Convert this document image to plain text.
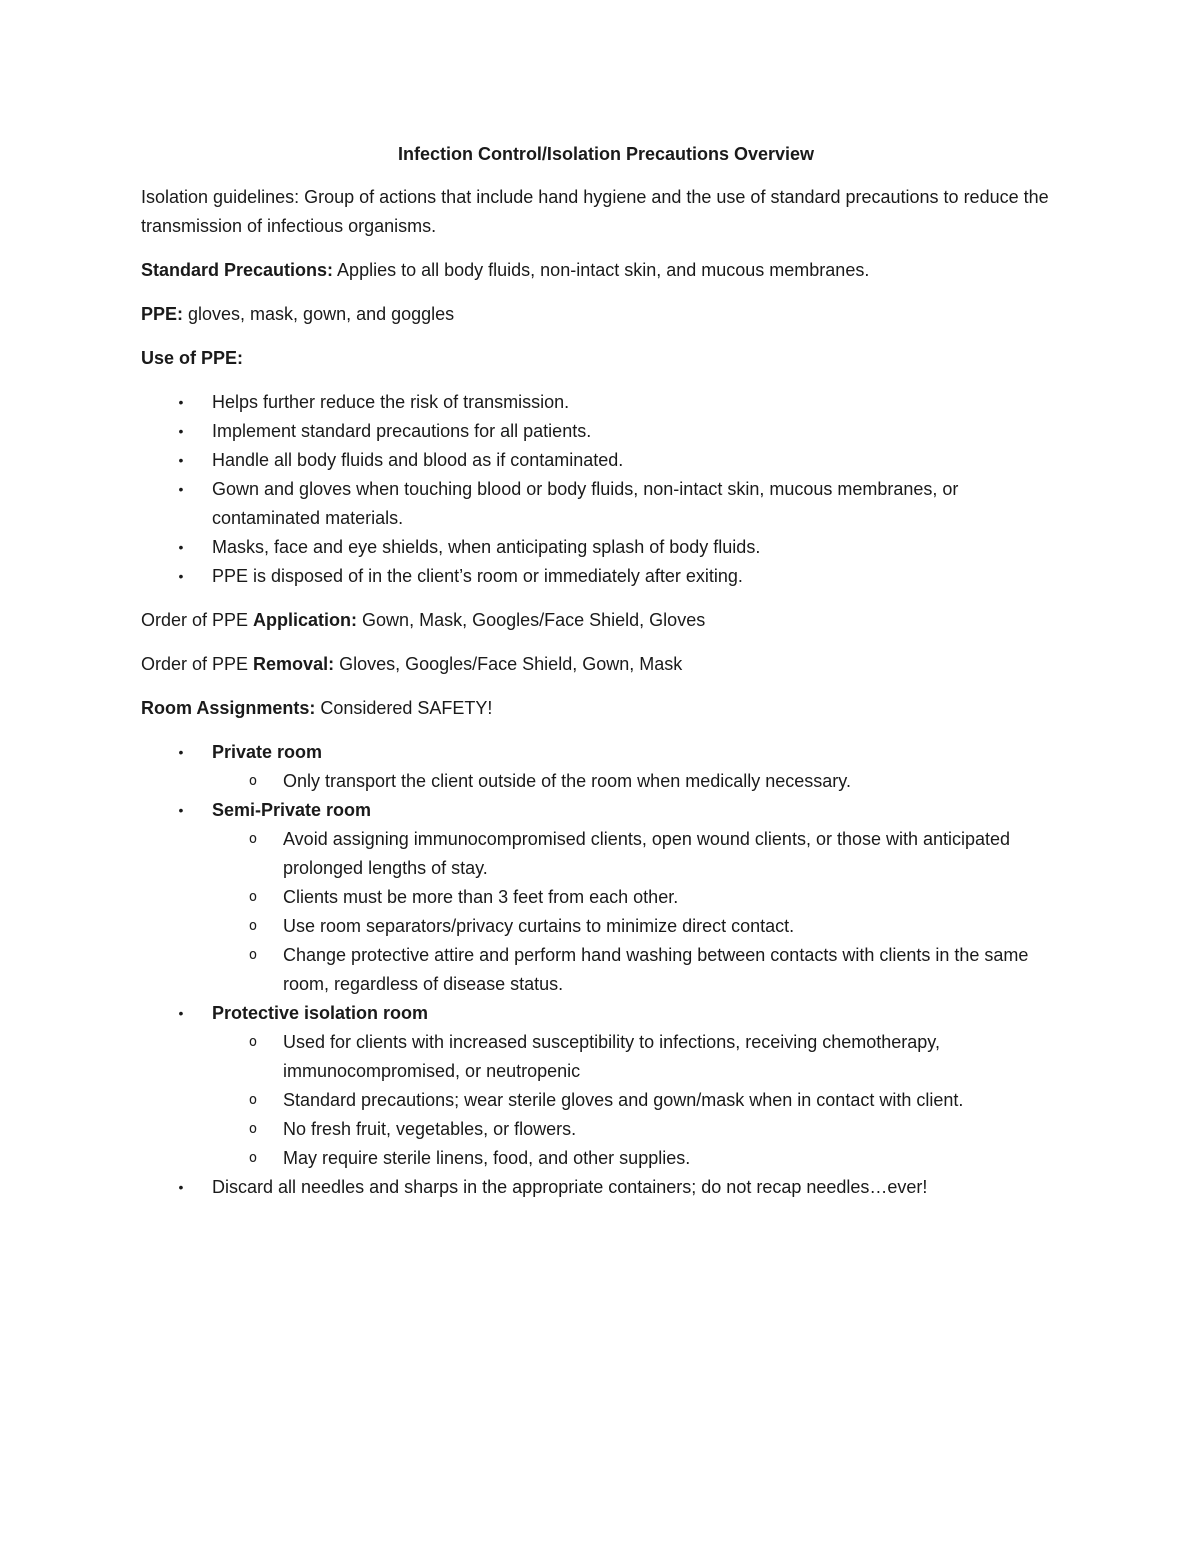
Infection Control/Isolation Precautions Overview

Isolation guidelines: Group of actions that include hand hygiene and the use of standard precautions to reduce the transmission of infectious organisms.

Standard Precautions: Applies to all body fluids, non-intact skin, and mucous membranes.

PPE: gloves, mask, gown, and goggles

Use of PPE:

• Helps further reduce the risk of transmission.
• Implement standard precautions for all patients.
• Handle all body fluids and blood as if contaminated.
• Gown and gloves when touching blood or body fluids, non-intact skin, mucous membranes, or contaminated materials.
• Masks, face and eye shields, when anticipating splash of body fluids.
• PPE is disposed of in the client’s room or immediately after exiting.

Order of PPE Application: Gown, Mask, Googles/Face Shield, Gloves

Order of PPE Removal: Gloves, Googles/Face Shield, Gown, Mask

Room Assignments: Considered SAFETY!

• Private room
o Only transport the client outside of the room when medically necessary.
• Semi-Private room
o Avoid assigning immunocompromised clients, open wound clients, or those with anticipated prolonged lengths of stay.
o Clients must be more than 3 feet from each other.
o Use room separators/privacy curtains to minimize direct contact.
o Change protective attire and perform hand washing between contacts with clients in the same room, regardless of disease status.
• Protective isolation room
o Used for clients with increased susceptibility to infections, receiving chemotherapy, immunocompromised, or neutropenic
o Standard precautions; wear sterile gloves and gown/mask when in contact with client.
o No fresh fruit, vegetables, or flowers.
o May require sterile linens, food, and other supplies.
• Discard all needles and sharps in the appropriate containers; do not recap needles…ever!
